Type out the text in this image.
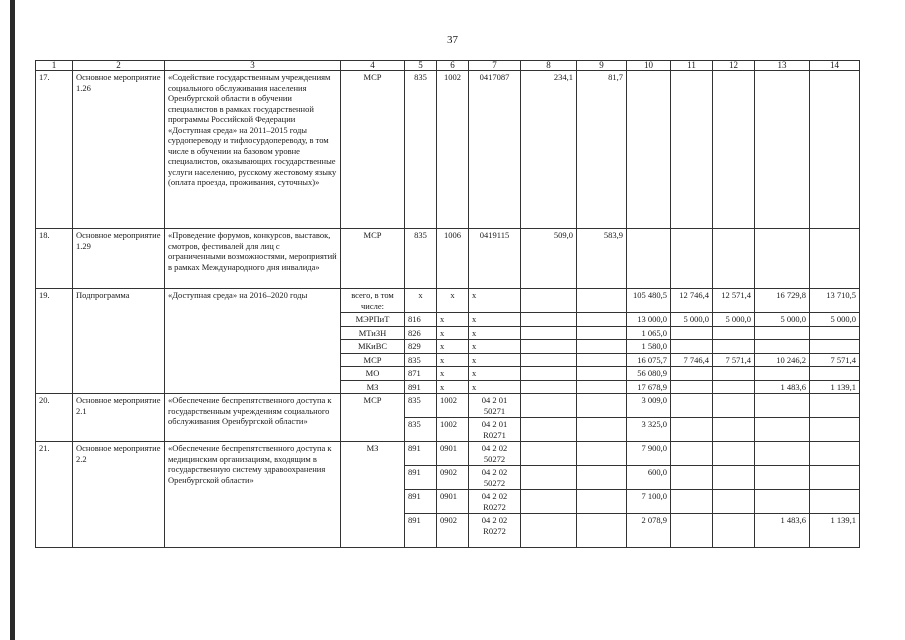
37
1	2	3	4	5	6	7	8	9	10	11	12	13	14
17.	Основное мероприятие 1.26	«Содействие государственным учреждениям социального обслуживания населения Оренбургской области в обучении специалистов в рамках государственной программы Российской Федерации «Доступная среда» на 2011–2015 годы сурдопереводу и тифлосурдопереводу, в том числе в обучении на базовом уровне специалистов, оказывающих государственные услуги населению, русскому жестовому языку (оплата проезда, проживания, суточных)»	МСР	835	1002	0417087	234,1	81,7					
18.	Основное мероприятие 1.29	«Проведение форумов, конкурсов, выставок, смотров, фестивалей для лиц с ограниченными возможностями, мероприятий в рамках Международного дня инвалида»	МСР	835	1006	0419115	509,0	583,9					
19.	Подпрограмма	«Доступная среда» на 2016–2020 годы	всего, в том числе:	x	x	x			105 480,5	12 746,4	12 571,4	16 729,8	13 710,5
			МЭРПиТ	816	x	x			13 000,0	5 000,0	5 000,0	5 000,0	5 000,0
			МТиЗН	826	x	x			1 065,0				
			МКиВС	829	x	x			1 580,0				
			МСР	835	x	x			16 075,7	7 746,4	7 571,4	10 246,2	7 571,4
			МО	871	x	x			56 080,9				
			МЗ	891	x	x			17 678,9			1 483,6	1 139,1
20.	Основное мероприятие 2.1	«Обеспечение беспрепятственного доступа к государственным учреждениям социального обслуживания Оренбургской области»	МСР	835	1002	04 2 01 50271			3 009,0				
				835	1002	04 2 01 R0271			3 325,0				
21.	Основное мероприятие 2.2	«Обеспечение беспрепятственного доступа к медицинским организациям, входящим в государственную систему здравоохранения Оренбургской области»	МЗ	891	0901	04 2 02 50272			7 900,0				
				891	0902	04 2 02 50272			600,0				
				891	0901	04 2 02 R0272			7 100,0				
				891	0902	04 2 02 R0272			2 078,9			1 483,6	1 139,1
